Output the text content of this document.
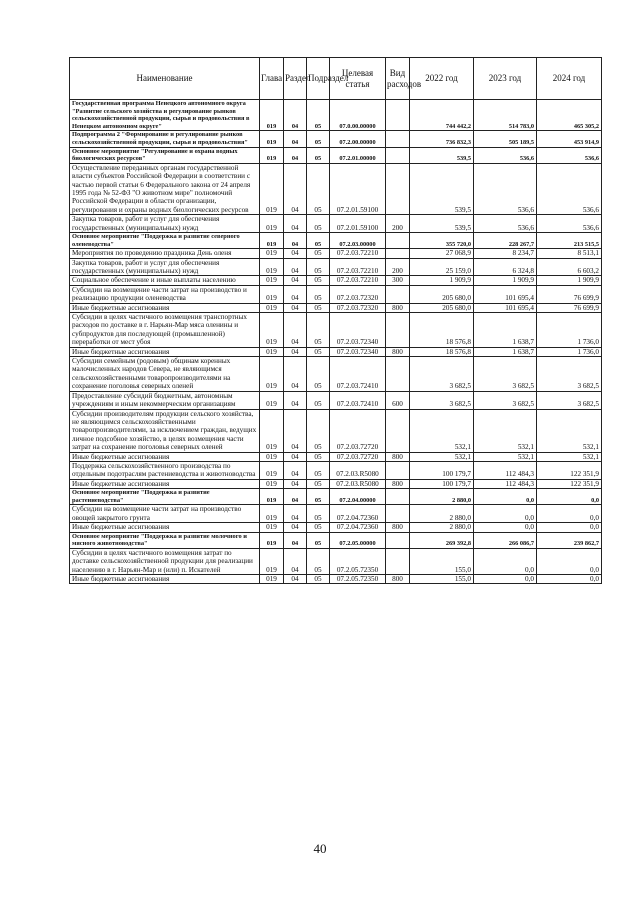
Наименование	Глава	Раздел	Подраздел	Целевая статья	Вид расходов	2022 год	2023 год	2024 год
Государственная программа Ненецкого автономного округа "Развитие сельского хозяйства и регулирование рынков сельскохозяйственной продукции, сырья и продовольствия в Ненецком автономном округе"	019	04	05	07.0.00.00000		744 442,2	514 783,0	465 305,2
Подпрограмма 2 "Формирование и регулирование рынков сельскохозяйственной продукции, сырья и продовольствия"	019	04	05	07.2.00.00000		736 832,3	505 189,5	453 914,9
Основное мероприятие "Регулирование и охрана водных биологических ресурсов"	019	04	05	07.2.01.00000		539,5	536,6	536,6
Осуществление переданных органам государственной власти субъектов Российской Федерации в соответствии с частью первой статьи 6 Федерального закона от 24 апреля 1995 года № 52-ФЗ "О животном мире" полномочий Российской Федерации в области организации, регулирования и охраны водных биологических ресурсов	019	04	05	07.2.01.59100		539,5	536,6	536,6
Закупка товаров, работ и услуг для обеспечения государственных (муниципальных) нужд	019	04	05	07.2.01.59100	200	539,5	536,6	536,6
Основное мероприятие "Поддержка и развитие северного оленеводства"	019	04	05	07.2.03.00000		355 720,0	228 267,7	213 515,5
Мероприятия по проведению праздника День оленя	019	04	05	07.2.03.72210		27 068,9	8 234,7	8 513,1
Закупка товаров, работ и услуг для обеспечения государственных (муниципальных) нужд	019	04	05	07.2.03.72210	200	25 159,0	6 324,8	6 603,2
Социальное обеспечение и иные выплаты населению	019	04	05	07.2.03.72210	300	1 909,9	1 909,9	1 909,9
Субсидии на возмещение части затрат на производство и реализацию продукции оленеводства	019	04	05	07.2.03.72320		205 680,0	101 695,4	76 699,9
Иные бюджетные ассигнования	019	04	05	07.2.03.72320	800	205 680,0	101 695,4	76 699,9
Субсидии в целях частичного возмещения транспортных расходов по доставке в г. Нарьян-Мар мяса оленины и субпродуктов для последующей (промышленной) переработки от мест убоя	019	04	05	07.2.03.72340		18 576,8	1 638,7	1 736,0
Иные бюджетные ассигнования	019	04	05	07.2.03.72340	800	18 576,8	1 638,7	1 736,0
Субсидии семейным (родовым) общинам коренных малочисленных народов Севера, не являющимся сельскохозяйственными товаропроизводителями на сохранение поголовья северных оленей	019	04	05	07.2.03.72410		3 682,5	3 682,5	3 682,5
Предоставление субсидий бюджетным, автономным учреждениям и иным некоммерческим организациям	019	04	05	07.2.03.72410	600	3 682,5	3 682,5	3 682,5
Субсидии производителям продукции сельского хозяйства, не являющимся сельскохозяйственными товаропроизводителями, за исключением граждан, ведущих личное подсобное хозяйство, в целях возмещения части затрат на сохранение поголовья северных оленей	019	04	05	07.2.03.72720		532,1	532,1	532,1
Иные бюджетные ассигнования	019	04	05	07.2.03.72720	800	532,1	532,1	532,1
Поддержка сельскохозяйственного производства по отдельным подотраслям растениеводства и животноводства	019	04	05	07.2.03.R5080		100 179,7	112 484,3	122 351,9
Иные бюджетные ассигнования	019	04	05	07.2.03.R5080	800	100 179,7	112 484,3	122 351,9
Основное мероприятие "Поддержка и развитие растениеводства"	019	04	05	07.2.04.00000		2 880,0	0,0	0,0
Субсидии на возмещение части затрат на производство овощей закрытого грунта	019	04	05	07.2.04.72360		2 880,0	0,0	0,0
Иные бюджетные ассигнования	019	04	05	07.2.04.72360	800	2 880,0	0,0	0,0
Основное мероприятие "Поддержка и развитие молочного и мясного животноводства"	019	04	05	07.2.05.00000		269 392,8	266 086,7	239 862,7
Субсидии в целях частичного возмещения затрат по доставке сельскохозяйственной продукции для реализации населению в г. Нарьян-Мар и (или) п. Искателей	019	04	05	07.2.05.72350		155,0	0,0	0,0
Иные бюджетные ассигнования	019	04	05	07.2.05.72350	800	155,0	0,0	0,0
40
